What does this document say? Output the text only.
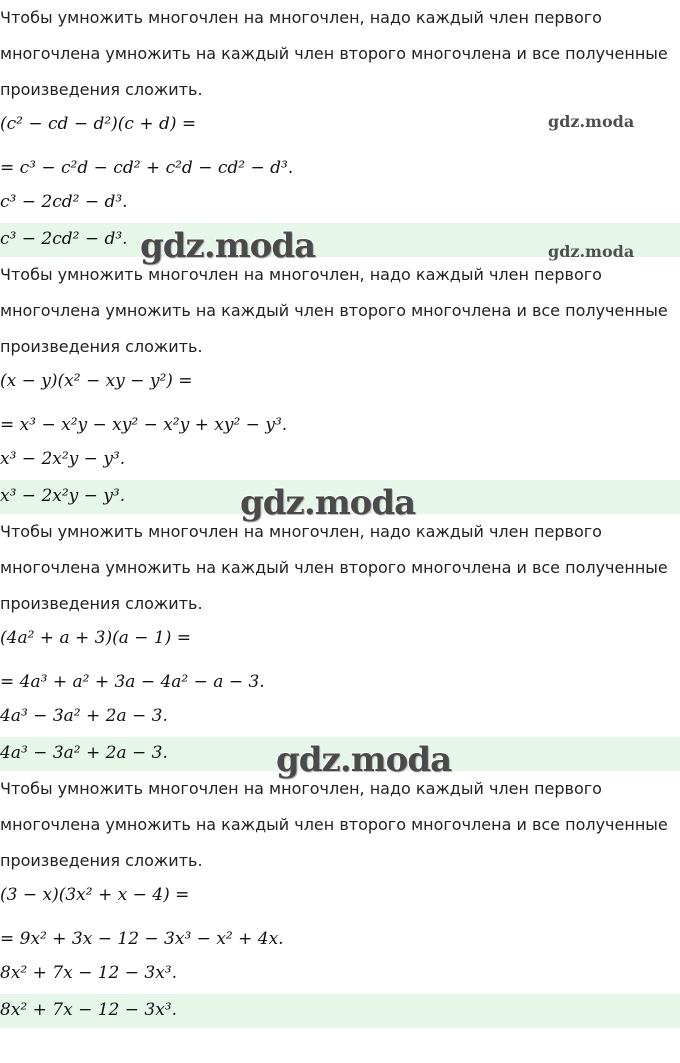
Чтобы умножить многочлен на многочлен, надо каждый член первого
многочлена умножить на каждый член второго многочлена и все полученные
произведения сложить.
(c² − cd − d²)(c + d) =
= c³ − c²d − cd² + c²d − cd² − d³.
c³ − 2cd² − d³.
c³ − 2cd² − d³.
gdz.moda
gdz.moda	gdz.moda
Чтобы умножить многочлен на многочлен, надо каждый член первого
многочлена умножить на каждый член второго многочлена и все полученные
произведения сложить.
(x − y)(x² − xy − y²) =
= x³ − x²y − xy² − x²y + xy² − y³.
x³ − 2x²y − y³.
x³ − 2x²y − y³.	gdz.moda
Чтобы умножить многочлен на многочлен, надо каждый член первого
многочлена умножить на каждый член второго многочлена и все полученные
произведения сложить.
(4a² + a + 3)(a − 1) =
= 4a³ + a² + 3a − 4a² − a − 3.
4a³ − 3a² + 2a − 3.
4a³ − 3a² + 2a − 3.	gdz.moda
Чтобы умножить многочлен на многочлен, надо каждый член первого
многочлена умножить на каждый член второго многочлена и все полученные
произведения сложить.
(3 − x)(3x² + x − 4) =
= 9x² + 3x − 12 − 3x³ − x² + 4x.
8x² + 7x − 12 − 3x³.
8x² + 7x − 12 − 3x³.
